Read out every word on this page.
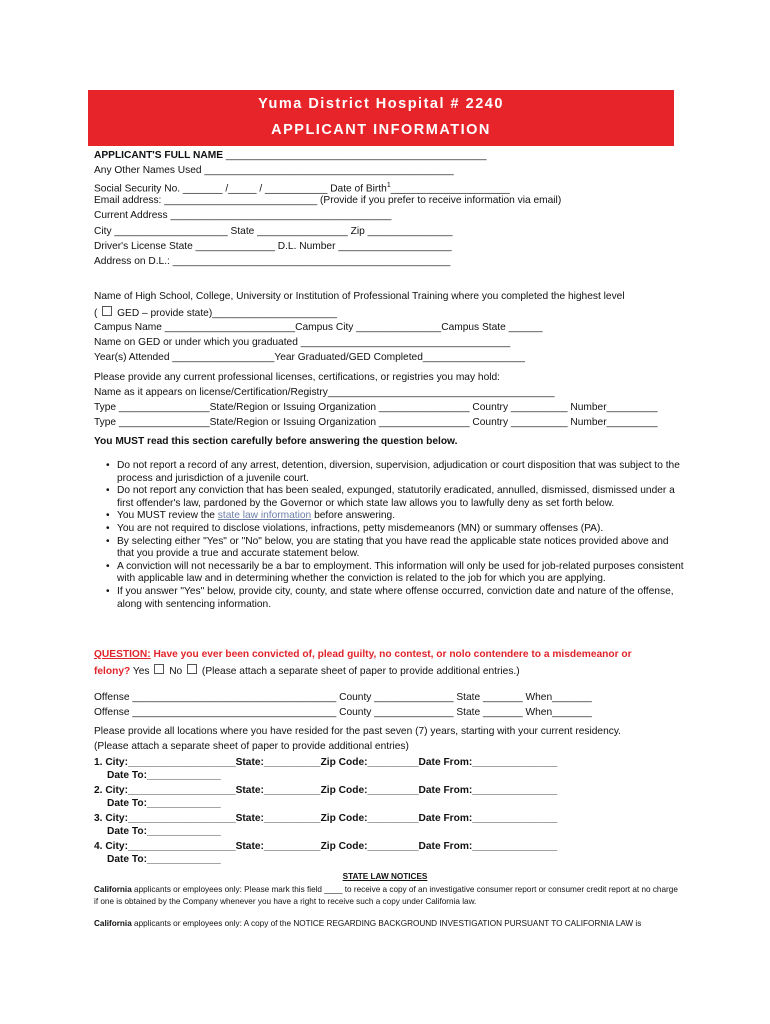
Yuma District Hospital # 2240
APPLICANT INFORMATION
APPLICANT'S FULL NAME ______________________________________________
Any Other Names Used ____________________________________________
Social Security No. _______ /_____ / ___________ Date of Birth$^1$_____________________
Email address: ___________________________ (Provide if you prefer to receive information via email)
Current Address _______________________________________
City ____________________ State ________________ Zip _______________
Driver's License State ______________ D.L. Number ____________________
Address on D.L.: _________________________________________________
Name of High School, College, University or Institution of Professional Training where you completed the highest level
( GED – provide state)______________________
Campus Name _______________________Campus City _______________Campus State ______
Name on GED or under which you graduated _____________________________________
Year(s) Attended __________________Year Graduated/GED Completed__________________
Please provide any current professional licenses, certifications, or registries you may hold:
Name as it appears on license/Certification/Registry________________________________________
Type ________________State/Region or Issuing Organization ________________ Country __________ Number_________
Type ________________State/Region or Issuing Organization ________________ Country __________ Number_________
You MUST read this section carefully before answering the question below.
• Do not report a record of any arrest, detention, diversion, supervision, adjudication or court disposition that was subject to the process and jurisdiction of a juvenile court.
• Do not report any conviction that has been sealed, expunged, statutorily eradicated, annulled, dismissed, dismissed under a first offender's law, pardoned by the Governor or which state law allows you to lawfully deny as set forth below.
• You MUST review the state law information before answering.
• You are not required to disclose violations, infractions, petty misdemeanors (MN) or summary offenses (PA).
• By selecting either "Yes" or "No" below, you are stating that you have read the applicable state notices provided above and that you provide a true and accurate statement below.
• A conviction will not necessarily be a bar to employment. This information will only be used for job-related purposes consistent with applicable law and in determining whether the conviction is related to the job for which you are applying.
• If you answer "Yes" below, provide city, county, and state where offense occurred, conviction date and nature of the offense, along with sentencing information.
QUESTION: Have you ever been convicted of, plead guilty, no contest, or nolo contendere to a misdemeanor or
felony? Yes No (Please attach a separate sheet of paper to provide additional entries.)
Offense ____________________________________ County ______________ State _______ When_______
Offense ____________________________________ County ______________ State _______ When_______
Please provide all locations where you have resided for the past seven (7) years, starting with your current residency.
(Please attach a separate sheet of paper to provide additional entries)
1. City:___________________State:__________Zip Code:_________Date From:_______________
Date To:_____________
2. City:___________________State:__________Zip Code:_________Date From:_______________
Date To:_____________
3. City:___________________State:__________Zip Code:_________Date From:_______________
Date To:_____________
4. City:___________________State:__________Zip Code:_________Date From:_______________
Date To:_____________
STATE LAW NOTICES
California applicants or employees only: Please mark this field ____ to receive a copy of an investigative consumer report or consumer credit report at no charge if one is obtained by the Company whenever you have a right to receive such a copy under California law.
California applicants or employees only: A copy of the NOTICE REGARDING BACKGROUND INVESTIGATION PURSUANT TO CALIFORNIA LAW is
